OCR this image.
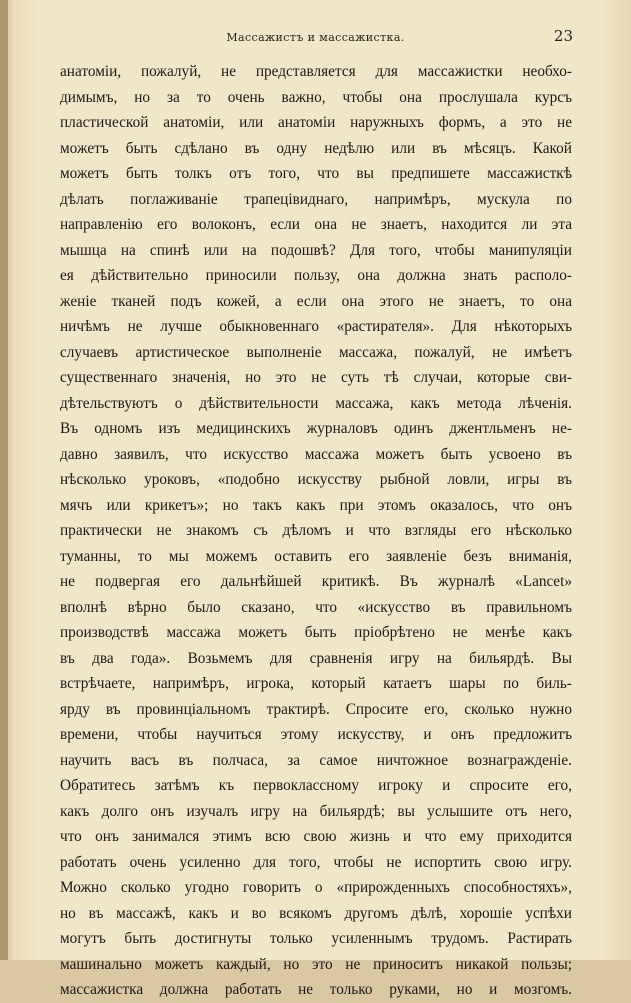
Массажистъ и массажистка.	23
анатоміи, пожалуй, не представляется для массажистки необхо-
димымъ, но за то очень важно, чтобы она прослушала курсъ
пластической анатоміи, или анатоміи наружныхъ формъ, а это не
можетъ быть сдѣлано въ одну недѣлю или въ мѣсяцъ. Какой
можетъ быть толкъ отъ того, что вы предпишете массажисткѣ
дѣлать поглаживаніе трапецівиднаго, напримѣръ, мускула по
направленію его волоконъ, если она не знаетъ, находится ли эта
мышца на спинѣ или на подошвѣ? Для того, чтобы манипуляціи
ея дѣйствительно приносили пользу, она должна знать располо-
женіе тканей подъ кожей, а если она этого не знаетъ, то она
ничѣмъ не лучше обыкновеннаго «растирателя». Для нѣкоторыхъ
случаевъ артистическое выполненіе массажа, пожалуй, не имѣетъ
существеннаго значенія, но это не суть тѣ случаи, которые сви-
дѣтельствуютъ о дѣйствительности массажа, какъ метода лѣченія.
Въ одномъ изъ медицинскихъ журналовъ одинъ джентльменъ не-
давно заявилъ, что искусство массажа можетъ быть усвоено въ
нѣсколько уроковъ, «подобно искусству рыбной ловли, игры въ
мячъ или крикетъ»; но такъ какъ при этомъ оказалось, что онъ
практически не знакомъ съ дѣломъ и что взгляды его нѣсколько
туманны, то мы можемъ оставить его заявленіе безъ вниманія,
не подвергая его дальнѣйшей критикѣ. Въ журналѣ «Lancet»
вполнѣ вѣрно было сказано, что «искусство въ правильномъ
производствѣ массажа можетъ быть пріобрѣтено не менѣе какъ
въ два года». Возьмемъ для сравненія игру на бильярдѣ. Вы
встрѣчаете, напримѣръ, игрока, который катаетъ шары по биль-
ярду въ провинціальномъ трактирѣ. Спросите его, сколько нужно
времени, чтобы научиться этому искусству, и онъ предложитъ
научить васъ въ полчаса, за самое ничтожное вознагражденіе.
Обратитесь затѣмъ къ первоклассному игроку и спросите его,
какъ долго онъ изучалъ игру на бильярдѣ; вы услышите отъ него,
что онъ занимался этимъ всю свою жизнь и что ему приходится
работать очень усиленно для того, чтобы не испортить свою игру.
Можно сколько угодно говорить о «прирожденныхъ способностяхъ»,
но въ массажѣ, какъ и во всякомъ другомъ дѣлѣ, хорошіе успѣхи
могутъ быть достигнуты только усиленнымъ трудомъ. Растирать
машинально можетъ каждый, но это не приноситъ никакой пользы;
массажистка должна работать не только руками, но и мозгомъ.
